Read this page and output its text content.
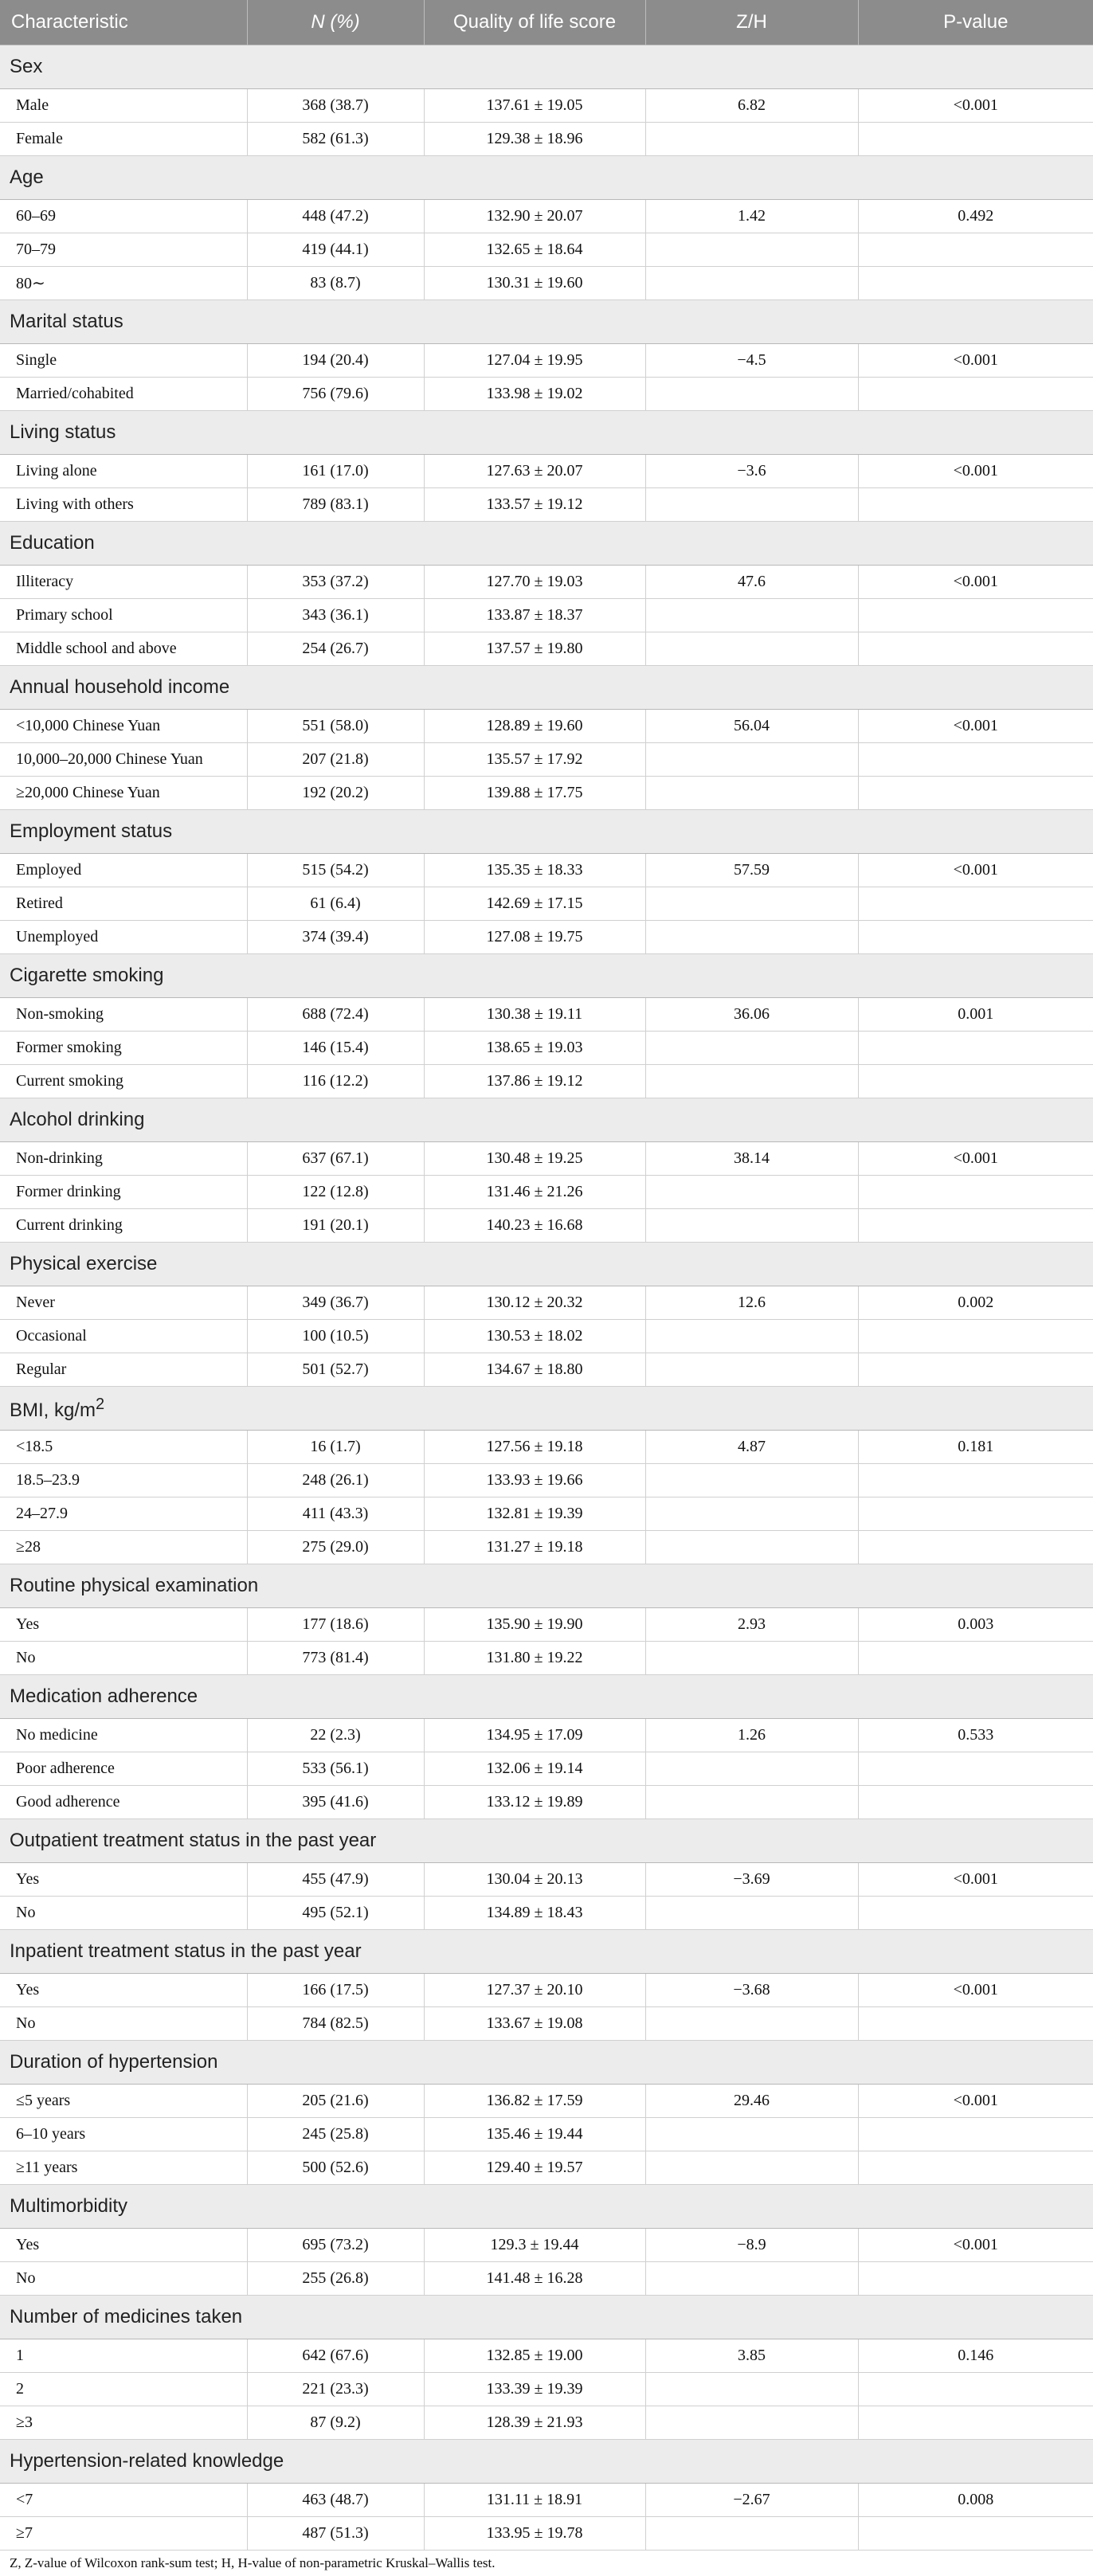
Characteristic	N (%)	Quality of life score	Z/H	P-value
Sex				
Male	368 (38.7)	137.61 ± 19.05	6.82	<0.001
Female	582 (61.3)	129.38 ± 18.96		
Age				
60–69	448 (47.2)	132.90 ± 20.07	1.42	0.492
70–79	419 (44.1)	132.65 ± 18.64		
80∼	83 (8.7)	130.31 ± 19.60		
Marital status				
Single	194 (20.4)	127.04 ± 19.95	−4.5	<0.001
Married/cohabited	756 (79.6)	133.98 ± 19.02		
Living status				
Living alone	161 (17.0)	127.63 ± 20.07	−3.6	<0.001
Living with others	789 (83.1)	133.57 ± 19.12		
Education				
Illiteracy	353 (37.2)	127.70 ± 19.03	47.6	<0.001
Primary school	343 (36.1)	133.87 ± 18.37		
Middle school and above	254 (26.7)	137.57 ± 19.80		
Annual household income				
<10,000 Chinese Yuan	551 (58.0)	128.89 ± 19.60	56.04	<0.001
10,000–20,000 Chinese Yuan	207 (21.8)	135.57 ± 17.92		
≥20,000 Chinese Yuan	192 (20.2)	139.88 ± 17.75		
Employment status				
Employed	515 (54.2)	135.35 ± 18.33	57.59	<0.001
Retired	61 (6.4)	142.69 ± 17.15		
Unemployed	374 (39.4)	127.08 ± 19.75		
Cigarette smoking				
Non-smoking	688 (72.4)	130.38 ± 19.11	36.06	0.001
Former smoking	146 (15.4)	138.65 ± 19.03		
Current smoking	116 (12.2)	137.86 ± 19.12		
Alcohol drinking				
Non-drinking	637 (67.1)	130.48 ± 19.25	38.14	<0.001
Former drinking	122 (12.8)	131.46 ± 21.26		
Current drinking	191 (20.1)	140.23 ± 16.68		
Physical exercise				
Never	349 (36.7)	130.12 ± 20.32	12.6	0.002
Occasional	100 (10.5)	130.53 ± 18.02		
Regular	501 (52.7)	134.67 ± 18.80		
BMI, $kg/m^2$
<18.5	16 (1.7)	127.56 ± 19.18	4.87	0.181
18.5–23.9	248 (26.1)	133.93 ± 19.66		
24–27.9	411 (43.3)	132.81 ± 19.39		
≥28	275 (29.0)	131.27 ± 19.18		
Routine physical examination				
Yes	177 (18.6)	135.90 ± 19.90	2.93	0.003
No	773 (81.4)	131.80 ± 19.22		
Medication adherence				
No medicine	22 (2.3)	134.95 ± 17.09	1.26	0.533
Poor adherence	533 (56.1)	132.06 ± 19.14		
Good adherence	395 (41.6)	133.12 ± 19.89		
Outpatient treatment status in the past year				
Yes	455 (47.9)	130.04 ± 20.13	−3.69	<0.001
No	495 (52.1)	134.89 ± 18.43		
Inpatient treatment status in the past year				
Yes	166 (17.5)	127.37 ± 20.10	−3.68	<0.001
No	784 (82.5)	133.67 ± 19.08		
Duration of hypertension				
≤5 years	205 (21.6)	136.82 ± 17.59	29.46	<0.001
6–10 years	245 (25.8)	135.46 ± 19.44		
≥11 years	500 (52.6)	129.40 ± 19.57		
Multimorbidity				
Yes	695 (73.2)	129.3 ± 19.44	−8.9	<0.001
No	255 (26.8)	141.48 ± 16.28		
Number of medicines taken				
1	642 (67.6)	132.85 ± 19.00	3.85	0.146
2	221 (23.3)	133.39 ± 19.39		
≥3	87 (9.2)	128.39 ± 21.93		
Hypertension-related knowledge				
<7	463 (48.7)	131.11 ± 18.91	−2.67	0.008
≥7	487 (51.3)	133.95 ± 19.78		
Z, Z-value of Wilcoxon rank-sum test; H, H-value of non-parametric Kruskal–Wallis test.
